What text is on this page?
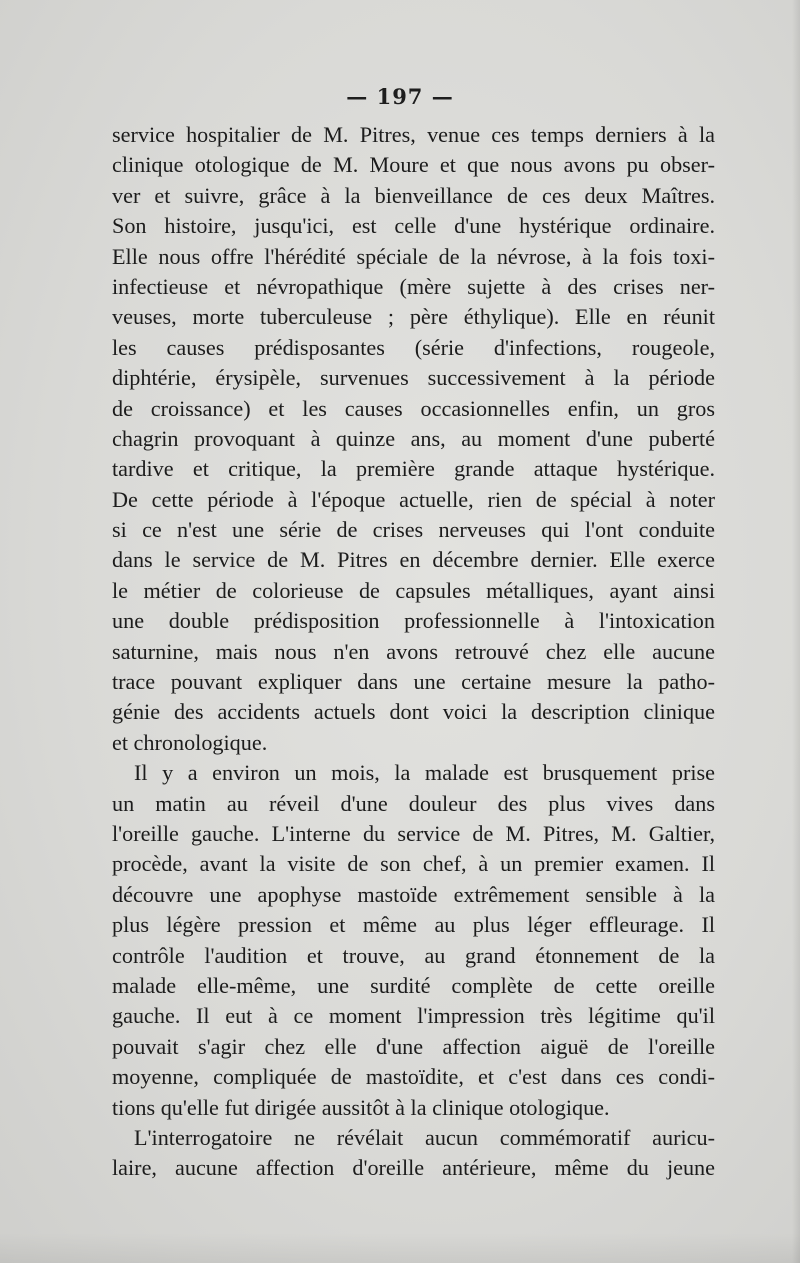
— 197 —
service hospitalier de M. Pitres, venue ces temps derniers à la
clinique otologique de M. Moure et que nous avons pu obser-
ver et suivre, grâce à la bienveillance de ces deux Maîtres.
Son histoire, jusqu'ici, est celle d'une hystérique ordinaire.
Elle nous offre l'hérédité spéciale de la névrose, à la fois toxi-
infectieuse et névropathique (mère sujette à des crises ner-
veuses, morte tuberculeuse ; père éthylique). Elle en réunit
les causes prédisposantes (série d'infections, rougeole,
diphtérie, érysipèle, survenues successivement à la période
de croissance) et les causes occasionnelles enfin, un gros
chagrin provoquant à quinze ans, au moment d'une puberté
tardive et critique, la première grande attaque hystérique.
De cette période à l'époque actuelle, rien de spécial à noter
si ce n'est une série de crises nerveuses qui l'ont conduite
dans le service de M. Pitres en décembre dernier. Elle exerce
le métier de colorieuse de capsules métalliques, ayant ainsi
une double prédisposition professionnelle à l'intoxication
saturnine, mais nous n'en avons retrouvé chez elle aucune
trace pouvant expliquer dans une certaine mesure la patho-
génie des accidents actuels dont voici la description clinique
et chronologique.
Il y a environ un mois, la malade est brusquement prise
un matin au réveil d'une douleur des plus vives dans
l'oreille gauche. L'interne du service de M. Pitres, M. Galtier,
procède, avant la visite de son chef, à un premier examen. Il
découvre une apophyse mastoïde extrêmement sensible à la
plus légère pression et même au plus léger effleurage. Il
contrôle l'audition et trouve, au grand étonnement de la
malade elle-même, une surdité complète de cette oreille
gauche. Il eut à ce moment l'impression très légitime qu'il
pouvait s'agir chez elle d'une affection aiguë de l'oreille
moyenne, compliquée de mastoïdite, et c'est dans ces condi-
tions qu'elle fut dirigée aussitôt à la clinique otologique.
L'interrogatoire ne révélait aucun commémoratif auricu-
laire, aucune affection d'oreille antérieure, même du jeune
